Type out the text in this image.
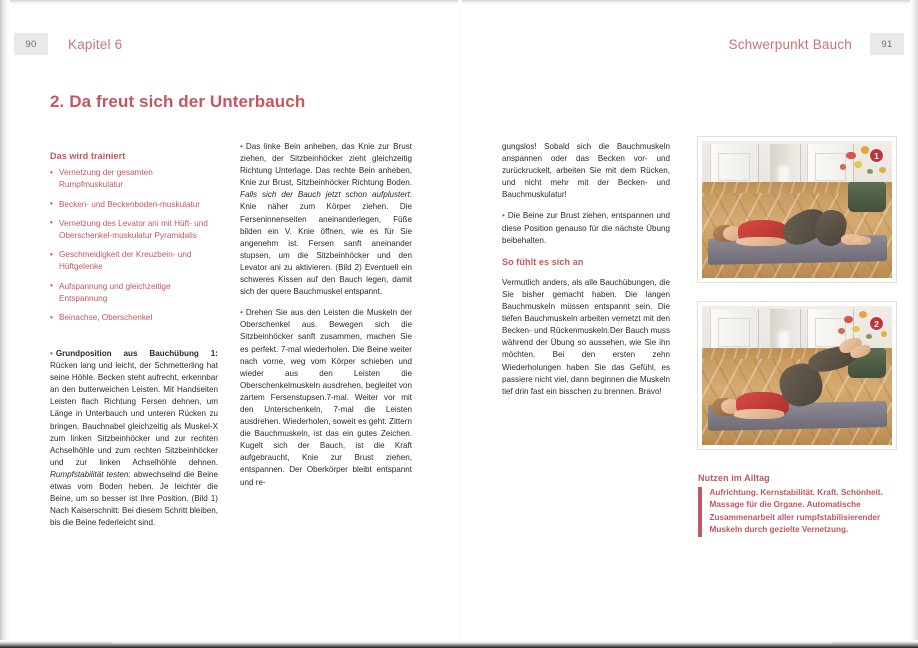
90	Kapitel 6	Schwerpunkt Bauch	91
2. Da freut sich der Unterbauch
Das wird trainiert
• Vernetzung der gesamten Rumpfmuskulatur
• Becken- und Beckenboden-muskulatur
• Vernetzung des Levator ani mit Hüft- und Oberschenkel-muskulatur Pyramidalis
• Geschmeidigkeit der Kreuzbein- und Hüftgelenke
• Aufspannung und gleichzeitige Entspannung
• Beinachse, Oberschenkel

• Grundposition aus Bauchübung 1: Rücken lang und leicht, der Schmetterling hat seine Höhle. Becken steht aufrecht, erkennbar an den butterweichen Leisten. Mit Handseiten Leisten flach Richtung Fersen dehnen, um Länge in Unterbauch und unteren Rücken zu bringen. Bauchnabel gleichzeitig als Muskel-X zum linken Sitzbeinhöcker und zur rechten Achselhöhle und zum rechten Sitzbeinhöcker und zur linken Achselhöhle dehnen. Rumpfstabilität testen: abwechselnd die Beine etwas vom Boden heben. Je leichter die Beine, um so besser ist Ihre Position. (Bild 1) Nach Kaiserschnitt: Bei diesem Schritt bleiben, bis die Beine federleicht sind.

• Das linke Bein anheben, das Knie zur Brust ziehen, der Sitzbeinhöcker zieht gleichzeitig Richtung Unterlage. Das rechte Bein anheben, Knie zur Brust, Sitzbeinhöcker Richtung Boden. Falls sich der Bauch jetzt schon aufplustert: Knie näher zum Körper ziehen. Die Ferseninnenseiten aneinanderlegen, Füße bilden ein V. Knie öffnen, wie es für Sie angenehm ist. Fersen sanft aneinander stupsen, um die Sitzbeinhöcker und den Levator ani zu aktivieren. (Bild 2) Eventuell ein schweres Kissen auf den Bauch legen, damit sich der quere Bauchmuskel entspannt.

• Drehen Sie aus den Leisten die Muskeln der Oberschenkel aus. Bewegen sich die Sitzbeinhöcker sanft zusammen, machen Sie es perfekt. 7-mal wiederholen. Die Beine weiter nach vorne, weg vom Körper schieben und wieder aus den Leisten die Oberschenkelmuskeln ausdrehen, begleitet von zartem Fersenstupsen.7-mal. Weiter vor mit den Unterschenkeln, 7-mal die Leisten ausdrehen. Wiederholen, soweit es geht. Zittern die Bauchmuskeln, ist das ein gutes Zeichen. Kugelt sich der Bauch, ist die Kraft aufgebraucht, Knie zur Brust ziehen, entspannen. Der Oberkörper bleibt entspannt und re-

gungslos! Sobald sich die Bauchmuskeln anspannen oder das Becken vor- und zurückruckelt, arbeiten Sie mit dem Rücken, und nicht mehr mit der Becken- und Bauchmuskulatur!

• Die Beine zur Brust ziehen, entspannen und diese Position genauso für die nächste Übung beibehalten.

So fühlt es sich an

Vermutlich anders, als alle Bauchübungen, die Sie bisher gemacht haben. Die langen Bauchmuskeln müssen entspannt sein. Die tiefen Bauchmuskeln arbeiten vernetzt mit den Becken- und Rückenmuskeln.Der Bauch muss während der Übung so aussehen, wie Sie ihn möchten. Bei den ersten zehn Wiederholungen haben Sie das Gefühl, es passiere nicht viel, dann beginnen die Muskeln tief drin fast ein bisschen zu brennen. Bravo!

1
2
Nutzen im Alltag
Aufrichtung. Kernstabilität. Kraft. Schönheit. Massage für die Organe. Automatische Zusammenarbeit aller rumpfstabilisierender Muskeln durch gezielte Vernetzung.
